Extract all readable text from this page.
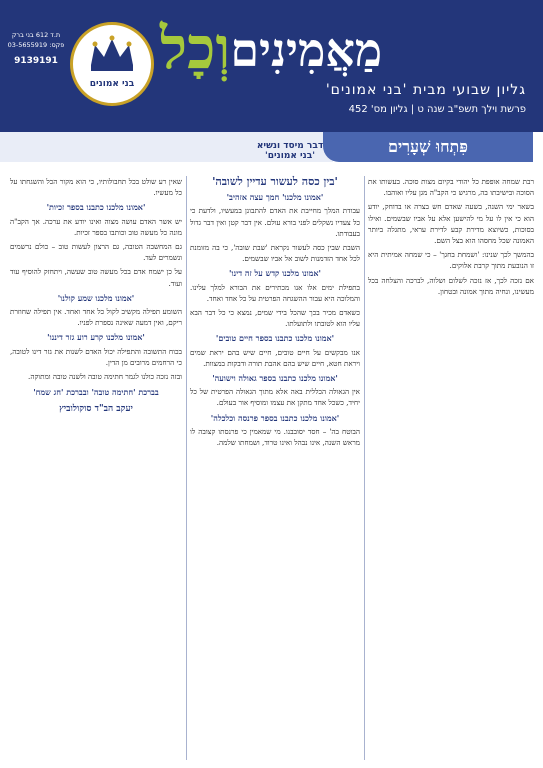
בני אמונים
ת.ד 612 בני ברק
פקס: 03-5655919
9139191 וְכָל מַאֲמִינִים
גליון שבועי מבית 'בני אמונים'
פרשת וילך תשפ"ב שנה ט | גליון מס' 452
פִּתְחוּ שְׁעָרִים
דבר מיסד ונשיא 'בני אמונים'

רבת שמחה אופפת כל יהודי בקיום מצות סוכה. בעשותו את הסוכה ובישיבתו בה, מרגיש כי הקב"ה מגן עליו ואוהבו.

בשאר ימי השנה, בשעה שאדם חש בצרה או בדוחק, יודע הוא כי אין לו על מי להישען אלא על אביו שבשמים. ואילו בסוכות, כשיוצא מדירת קבע לדירת עראי, מתגלה ביותר האמונה שכל מחסהו הוא בצל השם.

בהמשך לכך שנינו: 'ושמחת בחגך' – כי שמחה אמיתית היא זו הנובעת מתוך קרבת אלוקים.

אם נזכה לכך, אז נזכה לשלום ושלוה, לברכה והצלחה בכל מעשינו, ונחיה מתוך אמונה ובטחון.

'בין כסה לעשור עדיין לשובה'
'אמונו מלכנו' חמך עצה אזהיב'

עבודת המלך מחייבת את האדם להתבונן במעשיו, ולדעת כי כל צעדיו נשקלים לפני בורא עולם. אין דבר קטן ואין דבר גדול בעבודתו.

השבת שבין כסה לעשור נקראת 'שבת שובה', כי בה מזומנת לכל אחד הזדמנות לשוב אל אביו שבשמים.

'אמונו מלכנו קדש על זה דינו'

בתפילת ימים אלו אנו מכתירים את הבורא למלך עלינו. והמלוכה היא עבור ההשגחה הפרטית על כל אחד ואחד.

כשאדם מכיר בכך שהכל בידי שמים, נמצא כי כל דבר הבא עליו הוא לטובתו ולתועלתו.

'אמונו מלכנו כתבנו בספר חיים טובים'

אנו מבקשים על חיים טובים, חיים שיש בהם יראת שמים ויראת חטא, חיים שיש בהם אהבת תורה ודבקות במצוות.

'אמונו מלכנו כתבנו בספר גאולה וישועה'

אין הגאולה הכללית באה אלא מתוך הגאולה הפרטית של כל יחיד, כשכל אחד מתקן את עצמו ומוסיף אור בעולם.

'אמונו מלכנו כתבנו בספר פרנסה וכלכלה'

הבוטח בה' – חסד יסובבנו. מי שמאמין כי פרנסתו קצובה לו מראש השנה, אינו נבהל ואינו טרוד, ושמחתו שלמה.

שאין רע שולט בכל תחבולותיו, כי הוא מקור הכל והשגחתו על כל מעשיו.

'אמונו מלכנו כתבנו בספר זכיות'

יש אשר האדם עושה מצוה ואינו יודע את ערכה. אך הקב"ה מונה כל מעשה טוב וכותבו בספר זכיות.

גם המחשבה הטובה, גם הרצון לעשות טוב – כולם נרשמים ונשמרים לעד.

על כן ישמח אדם בכל מעשה טוב שעשה, ויתחזק להוסיף עוד ועוד.

'אמונו מלכנו שמע קולנו'

השומע תפילה מקשיב לקול כל אחד ואחד. אין תפילה שחוזרת ריקם, ואין דמעה שאינה נספרת לפניו.

'אמונו מלכנו קרע רוע גזר דיננו'

בכוח התשובה והתפילה יכול האדם לשנות את גזר דינו לטובה, כי הרחמים מרובים מן הדין.

ובזה נזכה כולנו לגמר חתימה טובה ולשנה טובה ומתוקה.

בברכת 'חתימה טובה' ובברכת 'חג שמח'
יעקב הב"ד סוקולוביץ
